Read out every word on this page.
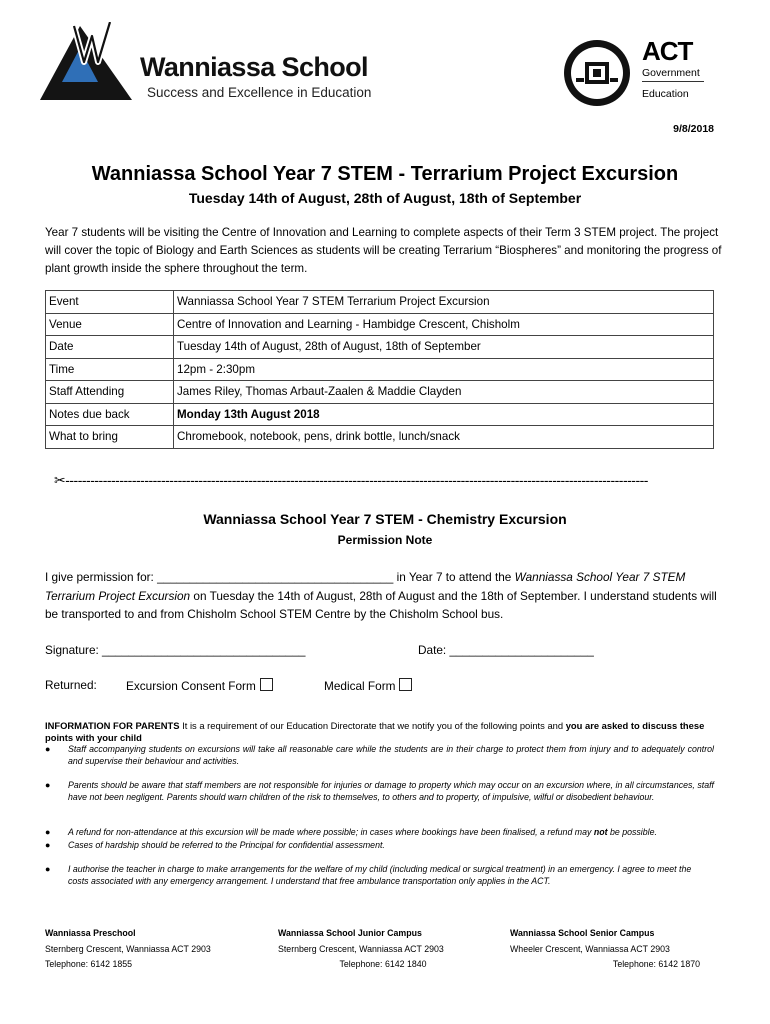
Wanniassa School
Success and Excellence in Education
ACT
Government
Education
9/8/2018
Wanniassa School Year 7 STEM - Terrarium Project Excursion
Tuesday 14th of August, 28th of August, 18th of September
Year 7 students will be visiting the Centre of Innovation and Learning to complete aspects of their Term 3 STEM project. The project will cover the topic of Biology and Earth Sciences as students will be creating Terrarium “Biospheres” and monitoring the progress of plant growth inside the sphere throughout the term.
Event	Wanniassa School Year 7 STEM Terrarium Project Excursion
Venue	Centre of Innovation and Learning - Hambidge Crescent, Chisholm
Date	Tuesday 14th of August, 28th of August, 18th of September
Time	12pm - 2:30pm
Staff Attending	James Riley, Thomas Arbaut-Zaalen & Maddie Clayden
Notes due back	Monday 13th August 2018
What to bring	Chromebook, notebook, pens, drink bottle, lunch/snack
✂--------------------------------------------------------------------------------------------------------------------------------------------
Wanniassa School Year 7 STEM - Chemistry Excursion
Permission Note
I give permission for: ____________________________________ in Year 7 to attend the Wanniassa School Year 7 STEM Terrarium Project Excursion on Tuesday the 14th of August, 28th of August and the 18th of September. I understand students will be transported to and from Chisholm School STEM Centre by the Chisholm School bus.
Signature: _______________________________	Date: ______________________
Returned: Excursion Consent Form	Medical Form
INFORMATION FOR PARENTS It is a requirement of our Education Directorate that we notify you of the following points and you are asked to discuss these points with your child
● Staff accompanying students on excursions will take all reasonable care while the students are in their charge to protect them from injury and to adequately control and supervise their behaviour and activities.
● Parents should be aware that staff members are not responsible for injuries or damage to property which may occur on an excursion where, in all circumstances, staff have not been negligent. Parents should warn children of the risk to themselves, to others and to property, of impulsive, wilful or disobedient behaviour.
● A refund for non-attendance at this excursion will be made where possible; in cases where bookings have been finalised, a refund may not be possible.
● Cases of hardship should be referred to the Principal for confidential assessment.
● I authorise the teacher in charge to make arrangements for the welfare of my child (including medical or surgical treatment) in an emergency. I agree to meet the costs associated with any emergency arrangement. I understand that free ambulance transportation only applies in the ACT.
Wanniassa Preschool
Sternberg Crescent, Wanniassa ACT 2903
Telephone: 6142 1855
Wanniassa School Junior Campus
Sternberg Crescent, Wanniassa ACT 2903
Telephone: 6142 1840
Wanniassa School Senior Campus
Wheeler Crescent, Wanniassa ACT 2903
Telephone: 6142 1870
